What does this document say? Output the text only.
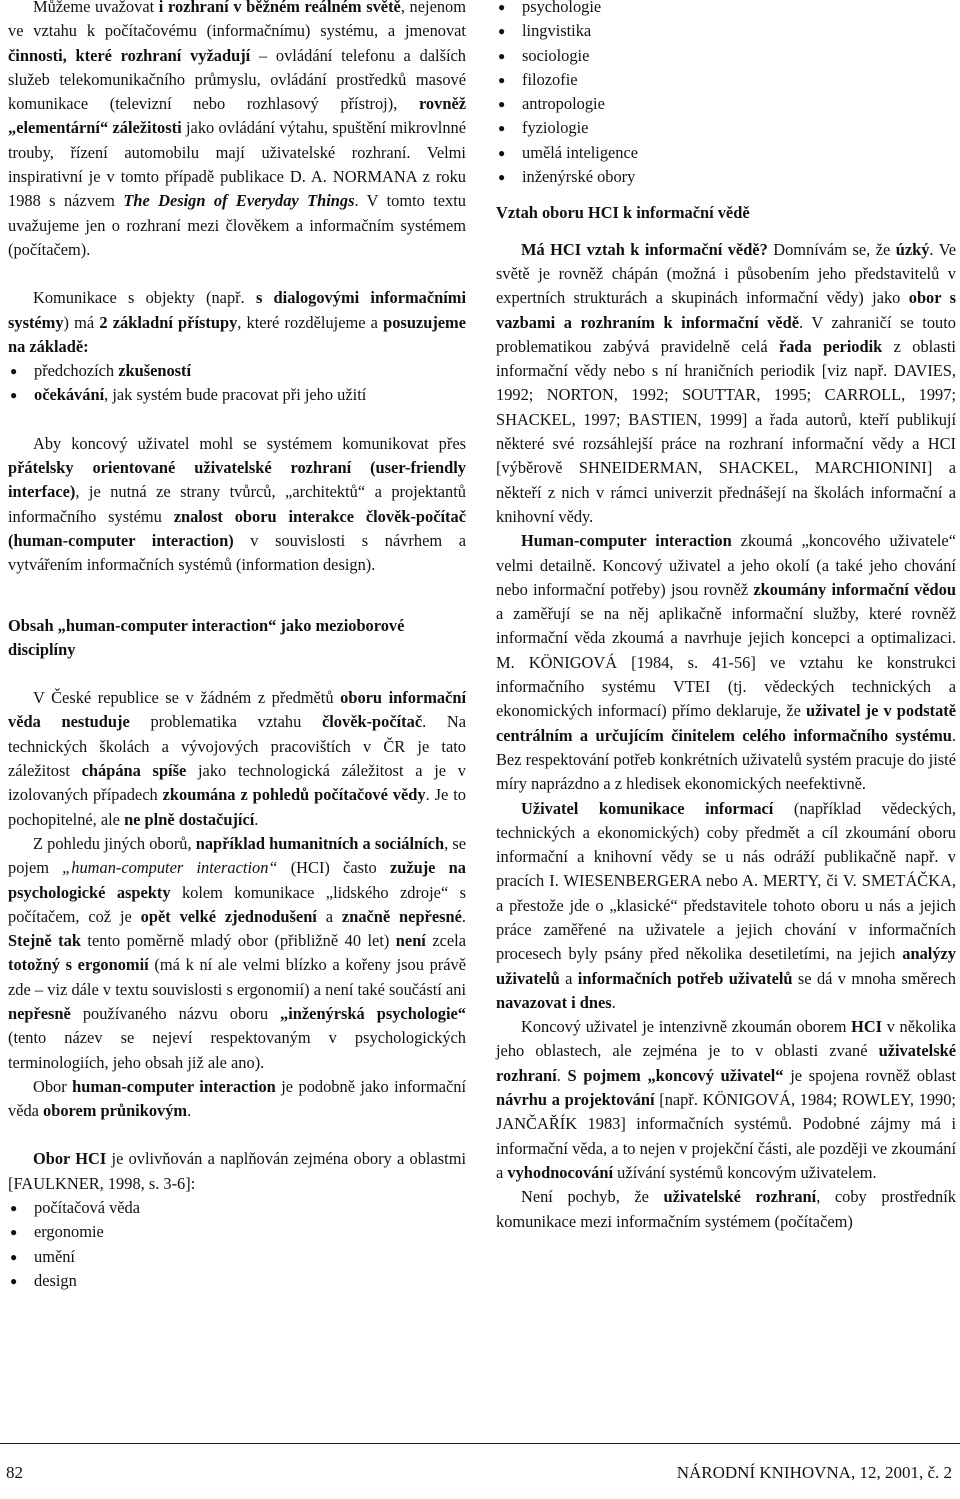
Můžeme uvažovat i rozhraní v běžném reálném světě, nejenom ve vztahu k počítačovému (informačnímu) systému, a jmenovat činnosti, které rozhraní vyžadují – ovládání telefonu a dalších služeb telekomunikačního průmyslu, ovládání prostředků masové komunikace (televizní nebo rozhlasový přístroj), rovněž „elementární“ záležitosti jako ovládání výtahu, spuštění mikrovlnné trouby, řízení automobilu mají uživatelské rozhraní. Velmi inspirativní je v tomto případě publikace D. A. NORMANA z roku 1988 s názvem The Design of Everyday Things. V tomto textu uvažujeme jen o rozhraní mezi člověkem a informačním systémem (počítačem).

Komunikace s objekty (např. s dialogovými informačními systémy) má 2 základní přístupy, které rozdělujeme a posuzujeme na základě:

● předchozích zkušeností
● očekávání, jak systém bude pracovat při jeho užití

Aby koncový uživatel mohl se systémem komunikovat přes přátelsky orientované uživatelské rozhraní (user-friendly interface), je nutná ze strany tvůrců, „architektů“ a projektantů informačního systému znalost oboru interakce člověk-počítač (human-computer interaction) v souvislosti s návrhem a vytvářením informačních systémů (information design).

Obsah „human-computer interaction“ jako mezioborové disciplíny

V České republice se v žádném z předmětů oboru informační věda nestuduje problematika vztahu člověk-počítač. Na technických školách a vývojových pracovištích v ČR je tato záležitost chápána spíše jako technologická záležitost a je v izolovaných případech zkoumána z pohledů počítačové vědy. Je to pochopitelné, ale ne plně dostačující.

Z pohledu jiných oborů, například humanitních a sociálních, se pojem „human-computer interaction“ (HCI) často zužuje na psychologické aspekty kolem komunikace „lidského zdroje“ s počítačem, což je opět velké zjednodušení a značně nepřesné. Stejně tak tento poměrně mladý obor (přibližně 40 let) není zcela totožný s ergonomií (má k ní ale velmi blízko a kořeny jsou právě zde – viz dále v textu souvislosti s ergonomií) a není také součástí ani nepřesně používaného názvu oboru „inženýrská psychologie“ (tento název se nejeví respektovaným v psychologických terminologiích, jeho obsah již ale ano).

Obor human-computer interaction je podobně jako informační věda oborem průnikovým.

Obor HCI je ovlivňován a naplňován zejména obory a oblastmi [FAULKNER, 1998, s. 3-6]:

● počítačová věda
● ergonomie
● umění
● design
● psychologie
● lingvistika
● sociologie
● filozofie
● antropologie
● fyziologie
● umělá inteligence
● inženýrské obory

Vztah oboru HCI k informační vědě

Má HCI vztah k informační vědě? Domnívám se, že úzký. Ve světě je rovněž chápán (možná i působením jeho představitelů v expertních strukturách a skupinách informační vědy) jako obor s vazbami a rozhraním k informační vědě. V zahraničí se touto problematikou zabývá pravidelně celá řada periodik z oblasti informační vědy nebo s ní hraničních periodik [viz např. DAVIES, 1992; NORTON, 1992; SOUTTAR, 1995; CARROLL, 1997; SHACKEL, 1997; BASTIEN, 1999] a řada autorů, kteří publikují některé své rozsáhlejší práce na rozhraní informační vědy a HCI [výběrově SHNEIDERMAN, SHACKEL, MARCHIONINI] a někteří z nich v rámci univerzit přednášejí na školách informační a knihovní vědy.

Human-computer interaction zkoumá „koncového uživatele“ velmi detailně. Koncový uživatel a jeho okolí (a také jeho chování nebo informační potřeby) jsou rovněž zkoumány informační vědou a zaměřují se na něj aplikačně informační služby, které rovněž informační věda zkoumá a navrhuje jejich koncepci a optimalizaci. M. KÖNIGOVÁ [1984, s. 41-56] ve vztahu ke konstrukci informačního systému VTEI (tj. vědeckých technických a ekonomických informací) přímo deklaruje, že uživatel je v podstatě centrálním a určujícím činitelem celého informačního systému. Bez respektování potřeb konkrétních uživatelů systém pracuje do jisté míry naprázdno a z hledisek ekonomických neefektivně.

Uživatel komunikace informací (například vědeckých, technických a ekonomických) coby předmět a cíl zkoumání oboru informační a knihovní vědy se u nás odráží publikačně např. v pracích I. WIESENBERGERA nebo A. MERTY, či V. SMETÁČKA, a přestože jde o „klasické“ představitele tohoto oboru u nás a jejich práce zaměřené na uživatele a jejich chování v informačních procesech byly psány před několika desetiletími, na jejich analýzy uživatelů a informačních potřeb uživatelů se dá v mnoha směrech navazovat i dnes.

Koncový uživatel je intenzivně zkoumán oborem HCI v několika jeho oblastech, ale zejména je to v oblasti zvané uživatelské rozhraní. S pojmem „koncový uživatel“ je spojena rovněž oblast návrhu a projektování [např. KÖNIGOVÁ, 1984; ROWLEY, 1990; JANČAŘÍK 1983] informačních systémů. Podobné zájmy má i informační věda, a to nejen v projekční části, ale později ve zkoumání a vyhodnocování užívání systémů koncovým uživatelem.

Není pochyb, že uživatelské rozhraní, coby prostředník komunikace mezi informačním systémem (počítačem)

82	NÁRODNÍ KNIHOVNA, 12, 2001, č. 2
